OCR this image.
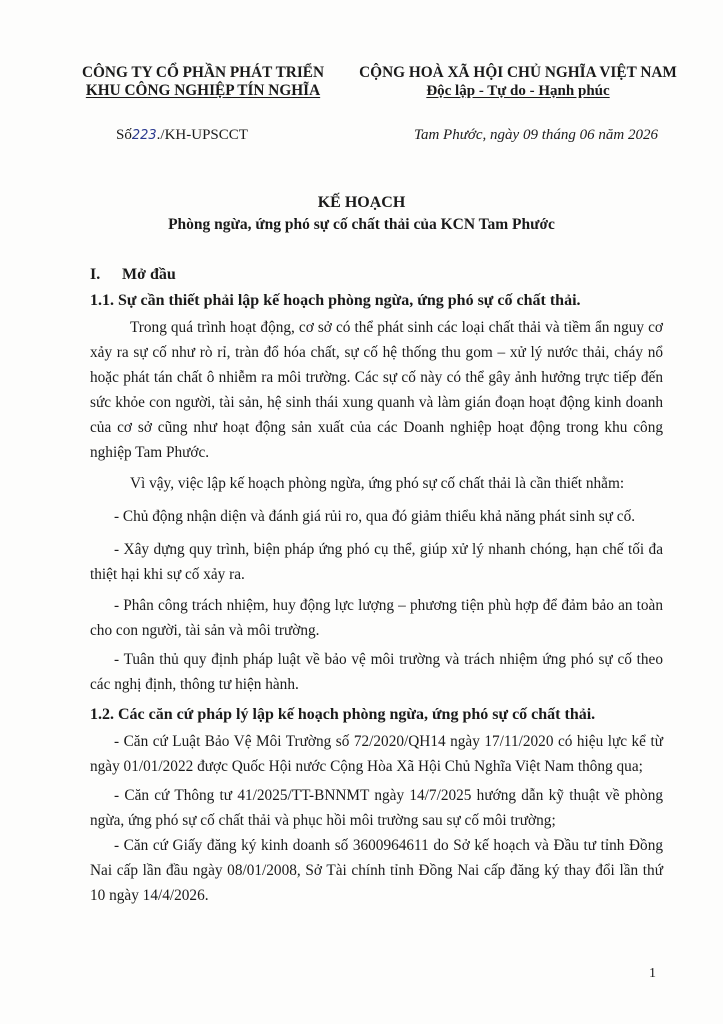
CÔNG TY CỔ PHẦN PHÁT TRIỂN
KHU CÔNG NGHIỆP TÍN NGHĨA
CỘNG HOÀ XÃ HỘI CHỦ NGHĨA VIỆT NAM
Độc lập - Tự do - Hạnh phúc
Số223./KH-UPSCCT	Tam Phước, ngày 09 tháng 06 năm 2026
KẾ HOẠCH
Phòng ngừa, ứng phó sự cố chất thải của KCN Tam Phước
I. Mở đầu
1.1. Sự cần thiết phải lập kế hoạch phòng ngừa, ứng phó sự cố chất thải.

Trong quá trình hoạt động, cơ sở có thể phát sinh các loại chất thải và tiềm ẩn nguy cơ xảy ra sự cố như rò rỉ, tràn đổ hóa chất, sự cố hệ thống thu gom – xử lý nước thải, cháy nổ hoặc phát tán chất ô nhiễm ra môi trường. Các sự cố này có thể gây ảnh hưởng trực tiếp đến sức khỏe con người, tài sản, hệ sinh thái xung quanh và làm gián đoạn hoạt động kinh doanh của cơ sở cũng như hoạt động sản xuất của các Doanh nghiệp hoạt động trong khu công nghiệp Tam Phước.

Vì vậy, việc lập kế hoạch phòng ngừa, ứng phó sự cố chất thải là cần thiết nhằm:

- Chủ động nhận diện và đánh giá rủi ro, qua đó giảm thiểu khả năng phát sinh sự cố.

- Xây dựng quy trình, biện pháp ứng phó cụ thể, giúp xử lý nhanh chóng, hạn chế tối đa thiệt hại khi sự cố xảy ra.

- Phân công trách nhiệm, huy động lực lượng – phương tiện phù hợp để đảm bảo an toàn cho con người, tài sản và môi trường.

- Tuân thủ quy định pháp luật về bảo vệ môi trường và trách nhiệm ứng phó sự cố theo các nghị định, thông tư hiện hành.

1.2. Các căn cứ pháp lý lập kế hoạch phòng ngừa, ứng phó sự cố chất thải.

- Căn cứ Luật Bảo Vệ Môi Trường số 72/2020/QH14 ngày 17/11/2020 có hiệu lực kể từ ngày 01/01/2022 được Quốc Hội nước Cộng Hòa Xã Hội Chủ Nghĩa Việt Nam thông qua;

- Căn cứ Thông tư 41/2025/TT-BNNMT ngày 14/7/2025 hướng dẫn kỹ thuật về phòng ngừa, ứng phó sự cố chất thải và phục hồi môi trường sau sự cố môi trường;

- Căn cứ Giấy đăng ký kinh doanh số 3600964611 do Sở kế hoạch và Đầu tư tỉnh Đồng Nai cấp lần đầu ngày 08/01/2008, Sở Tài chính tỉnh Đồng Nai cấp đăng ký thay đổi lần thứ 10 ngày 14/4/2026.

1
